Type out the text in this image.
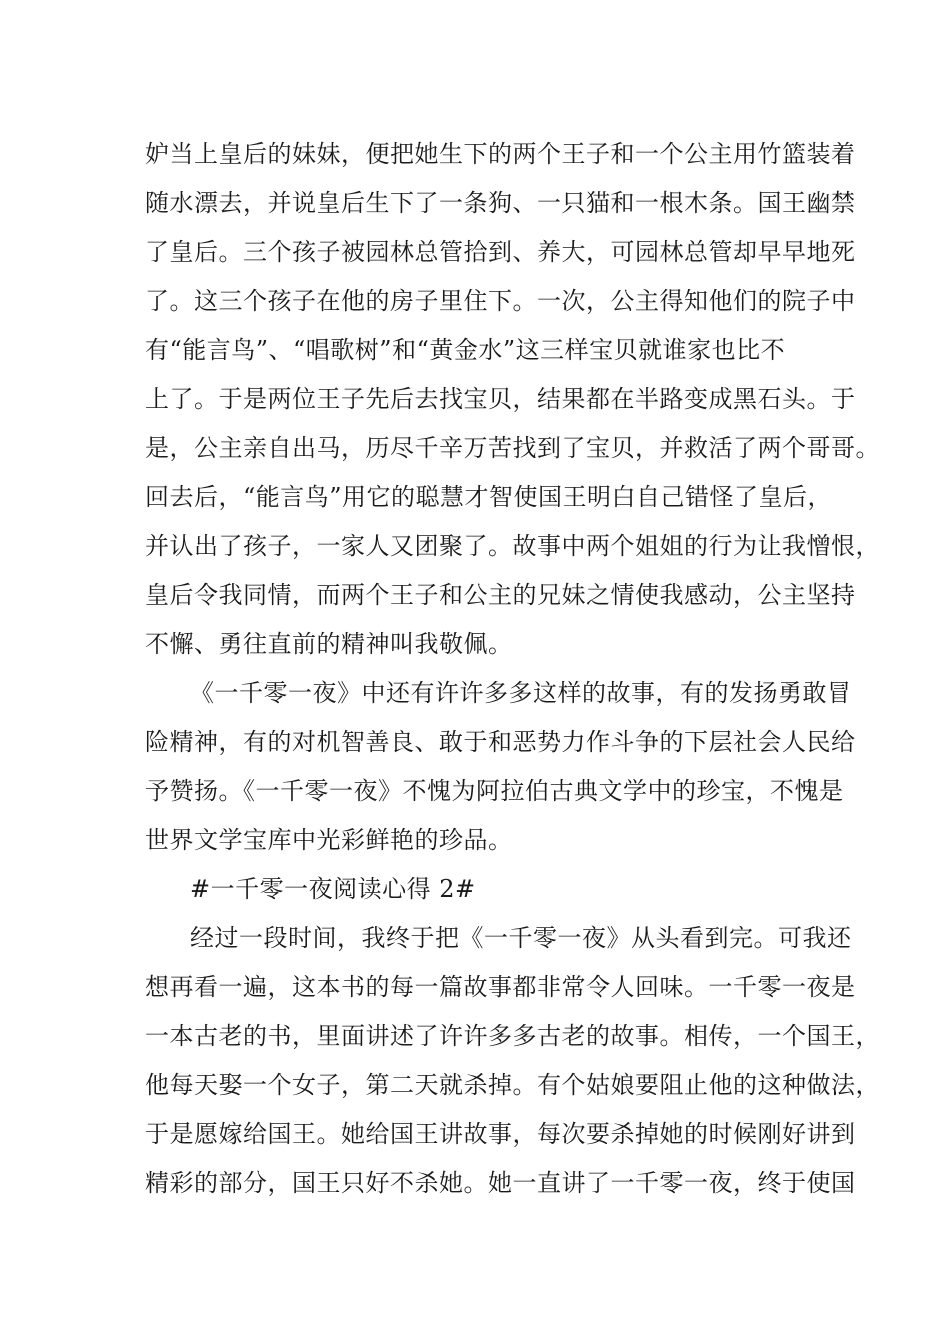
妒当上皇后的妹妹，便把她生下的两个王子和一个公主用竹篮装着
随水漂去，并说皇后生下了一条狗、一只猫和一根木条。国王幽禁
了皇后。三个孩子被园林总管拾到、养大，可园林总管却早早地死
了。这三个孩子在他的房子里住下。一次，公主得知他们的院子中
有“能言鸟”、“唱歌树”和“黄金水”这三样宝贝就谁家也比不
上了。于是两位王子先后去找宝贝，结果都在半路变成黑石头。于
是，公主亲自出马，历尽千辛万苦找到了宝贝，并救活了两个哥哥。
回去后，“能言鸟”用它的聪慧才智使国王明白自己错怪了皇后，
并认出了孩子，一家人又团聚了。故事中两个姐姐的行为让我憎恨，
皇后令我同情，而两个王子和公主的兄妹之情使我感动，公主坚持
不懈、勇往直前的精神叫我敬佩。
《一千零一夜》中还有许许多多这样的故事，有的发扬勇敢冒
险精神，有的对机智善良、敢于和恶势力作斗争的下层社会人民给
予赞扬。《一千零一夜》不愧为阿拉伯古典文学中的珍宝，不愧是
世界文学宝库中光彩鲜艳的珍品。
#一千零一夜阅读心得 2#
经过一段时间，我终于把《一千零一夜》从头看到完。可我还
想再看一遍，这本书的每一篇故事都非常令人回味。一千零一夜是
一本古老的书，里面讲述了许许多多古老的故事。相传，一个国王，
他每天娶一个女子，第二天就杀掉。有个姑娘要阻止他的这种做法，
于是愿嫁给国王。她给国王讲故事，每次要杀掉她的时候刚好讲到
精彩的部分，国王只好不杀她。她一直讲了一千零一夜，终于使国
